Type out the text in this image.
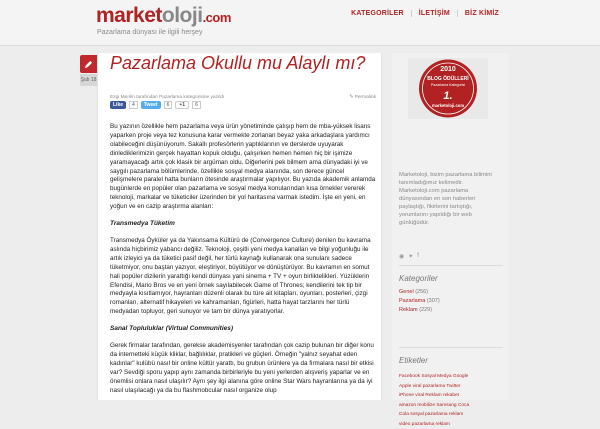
marketoloji.com
Pazarlama dünyası ile ilgili herşey
KATEGORİLER	İLETİŞİM	BİZ KİMİZ
Şub 18
Pazarlama Okullu mu Alaylı mı?
Ezgi Menlin tarafından Pazarlama kategorisine yazıldı	✎ Permalink
Like	4	Tweet	6	+1	6

Bu yazının özellikle hem pazarlama veya ürün yönetiminde çalışıp hem de mba-yüksek lisans yaparken proje veya tez konusuna karar vermekte zorlanan beyaz yaka arkadaşlara yardımcı olabileceğini düşünüyorum. Sakallı profesörlerin yaptıklarının ve derslerde uyuyarak dinlediklerimizin gerçek hayattan kopuk olduğu, çalışırken hemen hemen hiç bir işimize yaramayacağı artık çok klasik bir argüman oldu. Diğerlerini pek bilmem ama dünyadaki iyi ve saygılı pazarlama bölümlerinde, özellikle sosyal medya alanında, son derece güncel gelişmelere paralel hatta bunların ötesinde araştırmalar yapılıyor. Bu yazıda akademik anlamda bugünlerde en popüler olan pazarlama ve sosyal medya konularından kısa örnekler vererek teknoloji, markalar ve tüketiciler üzerinden bir yol haritasına varmak istedim. İşte en yeni, en yoğun ve en cazip araştırma alanları:

Transmedya Tüketim

Transmedya Öyküler ya da Yakınsama Kültürü de (Convergence Culture) denilen bu kavrama aslında hiçbirimiz yabancı değiliz. Teknoloji, çeşitli yeni medya kanalları ve bilgi yoğunluğu ile artık izleyici ya da tüketici pasif değil, her türlü kaynağı kullanarak ona sunulanı sadece tüketmiyor, onu baştan yazıyor, eleştiriyor, büyütüyor ve dönüştürüyor. Bu kavramın en somut hali popüler dizilerin yarattığı kendi dünyası yani sinema + TV + oyun birliktelikleri. Yüzüklerin Efendisi, Mario Bros ve en yeni örnek sayılabilecek Game of Thrones; kendilerini tek tip bir medyayla kısıtlamıyor, hayranları düzenli olarak bu türe ait kitapları, oyunları, posterleri, çizgi romanları, alternatif hikayeleri ve kahramanları, figürleri, hatta hayat tarzlarını her türlü medyadan topluyor, geri sunuyor ve tam bir dünya yaratıyorlar.

Sanal Topluluklar (Virtual Communities)

Gerek firmalar tarafından, gerekse akademisyenler tarafından çok cazip bulunan bir diğer konu da internetteki küçük kliklar, bağlılıklar, pratikleri ve güçleri. Örneğin "yalnız seyahat eden kadınlar" kulübü nasıl bir online kültür yarattı, bu grubun ürünlere ya da firmalara nasıl bir etkisi var? Sevdiği sporu yapıp aynı zamanda birbirleriyle bu yeni yerlerden alışveriş yaparlar ve en önemlisi onlara nasıl ulaşılır? Aynı şey ilgi alanına göre online Star Wars hayranlarına ya da iyi nasıl ulaşılacağı ya da bu flashmobcular nasıl organize olup

2010
BLOG ÖDÜLLERİ
Pazarlama Kategorisi
1.
marketoloji.com
Marketoloji, bizim pazarlama bilimini tanımladığımız kelimedir. Marketoloji.com pazarlama dünyasından en son haberleri paylaştığı, fikirlerini tartıştığı, yorumlarını yapıldığı bir web günlüğüdür.
◉ ✦ f
Kategoriler
Genel (256)
Pazarlama (307)
Reklam (229)
Etiketler
Facebook Sosyal Medya Google
Apple viral pazarlama Twitter
iPhone viral Reklam rekabet
amazon mobilize Samsung Coca
Cola sosyal pazarlama reklam
video pazarlama reklam
